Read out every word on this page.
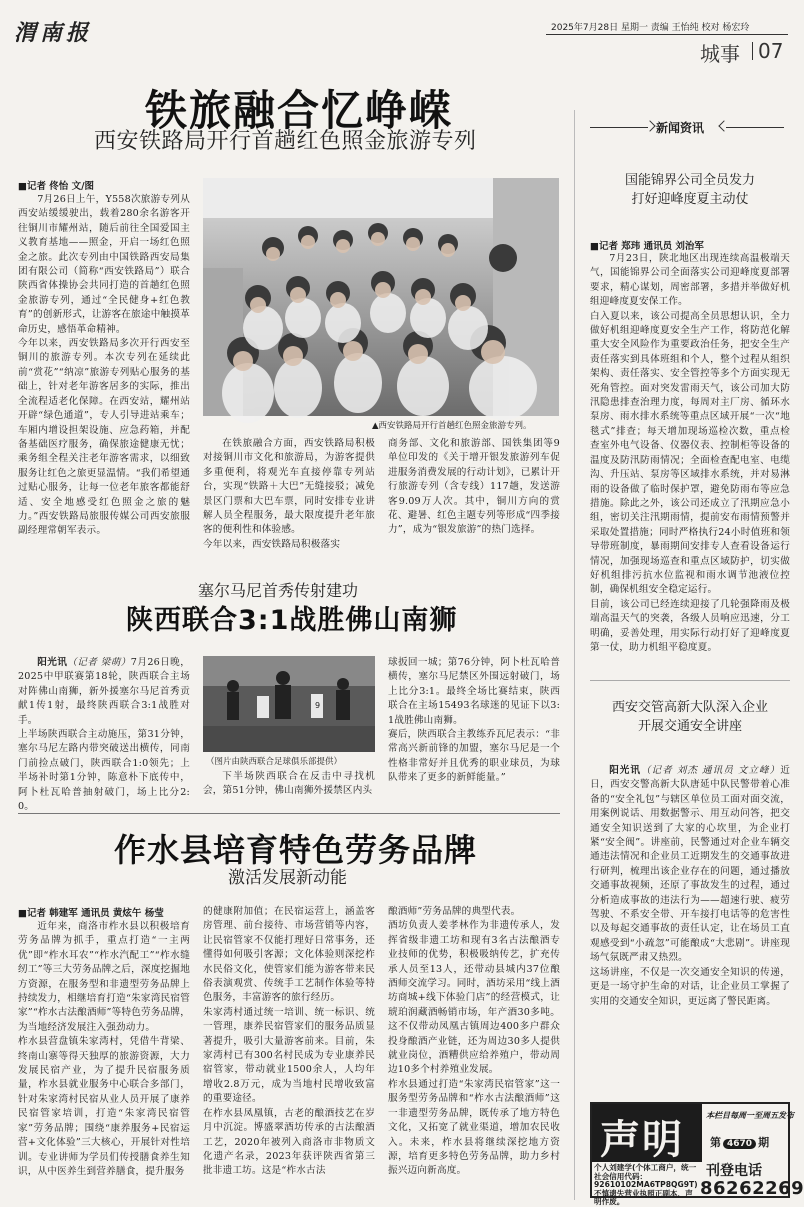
渭南报	2025年7月28日 星期一 责编 王怡纯 校对 杨宏玲
城事 07
铁旅融合忆峥嵘
西安铁路局开行首趟红色照金旅游专列
■记者 佟怡 文/图
7月26日上午，Y558次旅游专列从西安站缓缓驶出，载着280余名游客开往铜川市耀州站，随后前往全国爱国主义教育基地——照金，开启一场红色照金之旅。此次专列由中国铁路西安局集团有限公司（简称“西安铁路局”）联合陕西省体操协会共同打造的首趟红色照金旅游专列，通过“全民健身+红色教育”的创新形式，让游客在旅途中触摸革命历史，感悟革命精神。
今年以来，西安铁路局多次开行西安至铜川的旅游专列。本次专列在延续此前“赏花”“纳凉”旅游专列贴心服务的基础上，针对老年游客居多的实际，推出全流程适老化保障。在西安站，耀州站开辟“绿色通道”，专人引导进站乘车；车厢内增设担架设施、应急药箱，并配备基础医疗服务，确保旅途健康无忧；乘务组全程关注老年游客需求，以细致服务让红色之旅更显温情。“我们希望通过贴心服务，让每一位老年旅客都能舒适、安全地感受红色照金之旅的魅力。”西安铁路局旅服传媒公司西安旅服副经理常朝军表示。
▲西安铁路局开行首趟红色照金旅游专列。
在铁旅融合方面，西安铁路局积极对接铜川市文化和旅游局，为游客提供多重便利，将观光车直接停靠专列站台，实现“铁路＋大巴”无缝接驳；减免景区门票和大巴车票，同时安排专业讲解人员全程服务，最大限度提升老年旅客的便利性和体验感。
今年以来，西安铁路局积极落实
商务部、文化和旅游部、国铁集团等9单位印发的《关于增开银发旅游列车促进服务消费发展的行动计划》，已累计开行旅游专列（含专线）117趟，发送游客9.09万人次。其中，铜川方向的赏花、避暑、红色主题专列等形成“四季接力”，成为“银发旅游”的热门选择。
塞尔马尼首秀传射建功
陕西联合3:1战胜佛山南狮
阳光讯（记者 梁萌）7月26日晚，2025中甲联赛第18轮，陕西联合主场对阵佛山南狮，新外援塞尔马尼首秀贡献1传1射，最终陕西联合3:1战胜对手。
上半场陕西联合主动施压，第31分钟，塞尔马尼左路内带突破送出横传，同南门前捡点破门，陕西联合1:0领先；上半场补时第1分钟，陈意朴下底传中，阿卜杜瓦哈普抽射破门，场上比分2:0。
9
（图片由陕西联合足球俱乐部提供）
下半场陕西联合在反击中寻找机会，第51分钟，佛山南狮外援禁区内头
球扳回一城；第76分钟，阿卜杜瓦哈普横传，塞尔马尼禁区外围远射破门，场上比分3:1。最终全场比赛结束，陕西联合在主场15493名球迷的见证下以3:1战胜佛山南狮。
赛后，陕西联合主教练乔瓦尼表示：“非常高兴新前锋的加盟，塞尔马尼是一个性格非常好并且优秀的职业球员，为球队带来了更多的新鲜能量。”
作水县培育特色劳务品牌
激活发展新动能
■记者 韩建军 通讯员 黄炫午 杨莹
近年来，商洛市柞水县以积极培育劳务品牌为抓手，重点打造“一主两优”即“柞水耳农”“柞水汽配工”“柞水缝纫工”等三大劳务品牌之后，深度挖掘地方资源，在服务型和非遗型劳务品牌上持续发力，相继培育打造“朱家湾民宿管家”“柞水古法酿酒师”等特色劳务品牌，为当地经济发展注入强劲动力。
柞水县营盘镇朱家湾村，凭借牛背梁、终南山寨等得天独厚的旅游资源，大力发展民宿产业，为了提升民宿服务质量，柞水县就业服务中心联合多部门，针对朱家湾村民宿从业人员开展了康养民宿管家培训，打造“朱家湾民宿管家”劳务品牌；围绕“康养服务+民宿运营+文化体验”三大核心，开展针对性培训。专业讲师为学员们传授膳食养生知识，从中医养生到营养膳食，提升服务
的健康附加值；在民宿运营上，涵盖客房管理、前台接待、市场营销等内容，让民宿管家不仅能打理好日常事务，还懂得如何吸引客源；文化体验则深挖柞水民俗文化，使管家们能为游客带来民俗表演观赏、传统手工艺制作体验等特色服务，丰富游客的旅行经历。
朱家湾村通过统一培训、统一标识、统一管理，康养民宿管家们的服务品质显著提升，吸引大量游客前来。目前，朱家湾村已有300名村民成为专业康养民宿管家，带动就业1500余人，人均年增收2.8万元，成为当地村民增收致富的重要途径。
在柞水县凤凰镇，古老的酿酒技艺在岁月中沉淀。博盛翠酒坊传承的古法酿酒工艺，2020年被列入商洛市非物质文化遗产名录，2023年获评陕西省第三批非遗工坊。这是“柞水古法
酿酒师”劳务品牌的典型代表。
酒坊负责人姜孝林作为非遗传承人，发挥省级非遗工坊和现有3名古法酿酒专业技师的优势，积极吸纳传艺，扩充传承人员至13人，还带动县城内37位酿酒师交流学习。同时，酒坊采用“线上酒坊商城+线下体验门店”的经营模式，让琥珀润藏酒畅销市场，年产酒30多吨。这不仅带动凤凰古镇周边400多户群众投身酿酒产业链，还为周边30多人提供就业岗位，酒糟供应给养殖户，带动周边10多个村养殖业发展。
柞水县通过打造“朱家湾民宿管家”这一服务型劳务品牌和“柞水古法酿酒师”这一非遗型劳务品牌，既传承了地方特色文化，又拓宽了就业渠道，增加农民收入。未来，柞水县将继续深挖地方资源，培育更多特色劳务品牌，助力乡村振兴迈向新高度。
新闻资讯
国能锦界公司全员发力
打好迎峰度夏主动仗
■记者 郑玮 通讯员 刘治军
7月23日，陕北地区出现连续高温极端天气，国能锦界公司全面落实公司迎峰度夏部署要求，精心谋划，周密部署，多措并举做好机组迎峰度夏安保工作。
白入夏以来，该公司提高全员思想认识，全力做好机组迎峰度夏安全生产工作，将防范化解重大安全风险作为重要政治任务，把安全生产责任落实到具体班组和个人，整个过程从组织架构、责任落实、安全管控等多个方面实现无死角管控。面对突发雷雨天气，该公司加大防汛隐患排查治理力度，每周对主厂房、循环水泵房、雨水排水系统等重点区域开展“一次“地毯式”排查；每天增加现场巡检次数，重点检查室外电气设备、仪器仪表、控制柜等设备的温度及防汛防雨情况；全面检查配电室、电缆沟、升压站、泵房等区域排水系统，并对易淋雨的设备做了临时保护罩，避免防雨布等应急措施。除此之外，该公司还成立了汛期应急小组，密切关注汛期雨情，提前安布雨情预警并采取处置措施；同时严格执行24小时值班和领导带班制度，暴雨期间安排专人查看设备运行情况，加强现场巡查和重点区域防护，切实做好机组排污抗水位监视和雨水调节池液位控制，确保机组安全稳定运行。
目前，该公司已经连续迎接了几轮强降雨及极端高温天气的突袭，各级人员响应迅速，分工明确，妥善处理，用实际行动打好了迎峰度夏第一仗，助力机组平稳度夏。
西安交管高新大队深入企业
开展交通安全讲座
阳光讯（记者 刘杰 通讯员 文立峰）近日，西安交警高新大队唐延中队民警带着心准备的“安全礼包”与辖区单位员工面对面交流，用案例说话、用数据警示、用互动问答，把交通安全知识送到了大家的心坎里，为企业打紧“安全阀”。讲座前，民警通过对企业车辆交通违法情况和企业员工近期发生的交通事故进行研判，梳理出该企业存在的问题，通过播放交通事故视频，还原了事故发生的过程，通过分析造成事故的违法行为——超速行驶、疲劳驾驶、不系安全带、开车接打电话等的危害性以及每起交通事故的责任认定，让在场员工直观感受到“小疏忽”可能酿成“大悲剧”。讲座现场气氛既严肃又热烈。
这场讲座，不仅是一次交通安全知识的传递，更是一场守护生命的对话，让企业员工掌握了实用的交通安全知识，更远离了警民距离。
声明
本栏目每周一至周五发布
第 4670 期
个人刘建学(个体工商户，统一社会信用代码：92610102MA6TP8QG9T)不慎遗失营业执照正副本，声明作废。
刊登电话
86262269
